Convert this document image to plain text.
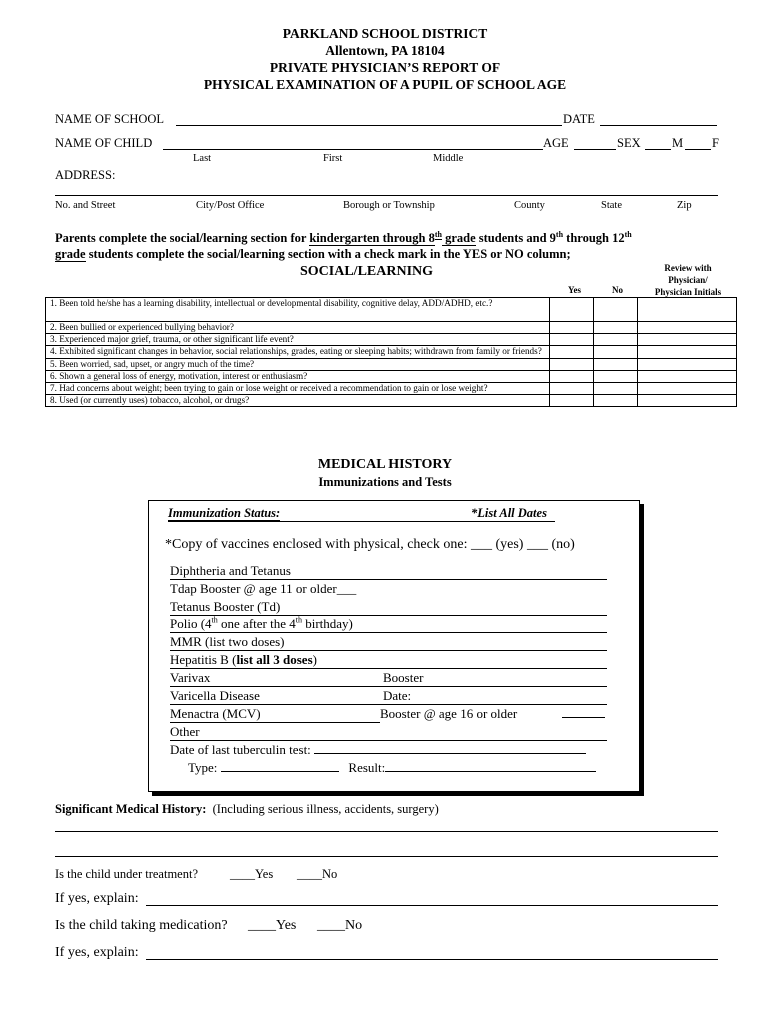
PARKLAND SCHOOL DISTRICT
Allentown, PA 18104
PRIVATE PHYSICIAN’S REPORT OF
PHYSICAL EXAMINATION OF A PUPIL OF SCHOOL AGE
NAME OF SCHOOL	DATE
NAME OF CHILD	AGE	SEX	M F
Last	First	Middle
ADDRESS:
No. and Street	City/Post Office	Borough or Township	County	State	Zip
Parents complete the social/learning section for kindergarten through 8th grade students and 9th through 12th
grade students complete the social/learning section with a check mark in the YES or NO column;
SOCIAL/LEARNING
Yes	No
Review with
Physician/
Physician Initials
1. Been told he/she has a learning disability, intellectual or developmental disability, cognitive delay, ADD/ADHD, etc.?			
2. Been bullied or experienced bullying behavior?			
3. Experienced major grief, trauma, or other significant life event?			
4. Exhibited significant changes in behavior, social relationships, grades, eating or sleeping habits; withdrawn from family or friends?			
5. Been worried, sad, upset, or angry much of the time?			
6. Shown a general loss of energy, motivation, interest or enthusiasm?			
7. Had concerns about weight; been trying to gain or lose weight or received a recommendation to gain or lose weight?			
8. Used (or currently uses) tobacco, alcohol, or drugs?			
MEDICAL HISTORY
Immunizations and Tests
Immunization Status:	*List All Dates
*Copy of vaccines enclosed with physical, check one: ___ (yes) ___ (no)
Diphtheria and Tetanus
Tdap Booster @ age 11 or older___
Tetanus Booster (Td)
Polio (4th one after the 4th birthday)
MMR (list two doses)
Hepatitis B (list all 3 doses)
Varivax	Booster
Varicella Disease	Date:
Menactra (MCV)	Booster @ age 16 or older
Other
Date of last tuberculin test:
Type:	Result:
Significant Medical History: (Including serious illness, accidents, surgery)
Is the child under treatment?	____Yes ____No
If yes, explain:
Is the child taking medication? ____Yes ____No
If yes, explain:
